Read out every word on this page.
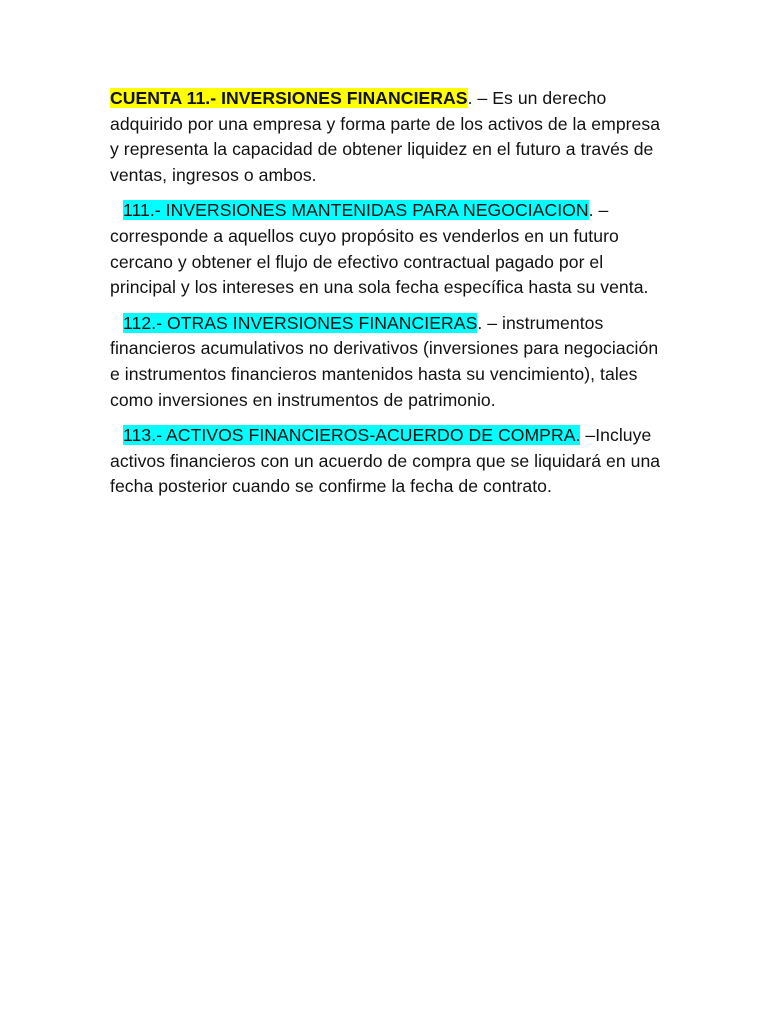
CUENTA 11.- INVERSIONES FINANCIERAS. – Es un derecho adquirido por una empresa y forma parte de los activos de la empresa y representa la capacidad de obtener liquidez en el futuro a través de ventas, ingresos o ambos.

111.- INVERSIONES MANTENIDAS PARA NEGOCIACION. – corresponde a aquellos cuyo propósito es venderlos en un futuro cercano y obtener el flujo de efectivo contractual pagado por el principal y los intereses en una sola fecha específica hasta su venta.

112.- OTRAS INVERSIONES FINANCIERAS. – instrumentos financieros acumulativos no derivativos (inversiones para negociación e instrumentos financieros mantenidos hasta su vencimiento), tales como inversiones en instrumentos de patrimonio.

113.- ACTIVOS FINANCIEROS-ACUERDO DE COMPRA. –Incluye activos financieros con un acuerdo de compra que se liquidará en una fecha posterior cuando se confirme la fecha de contrato.
